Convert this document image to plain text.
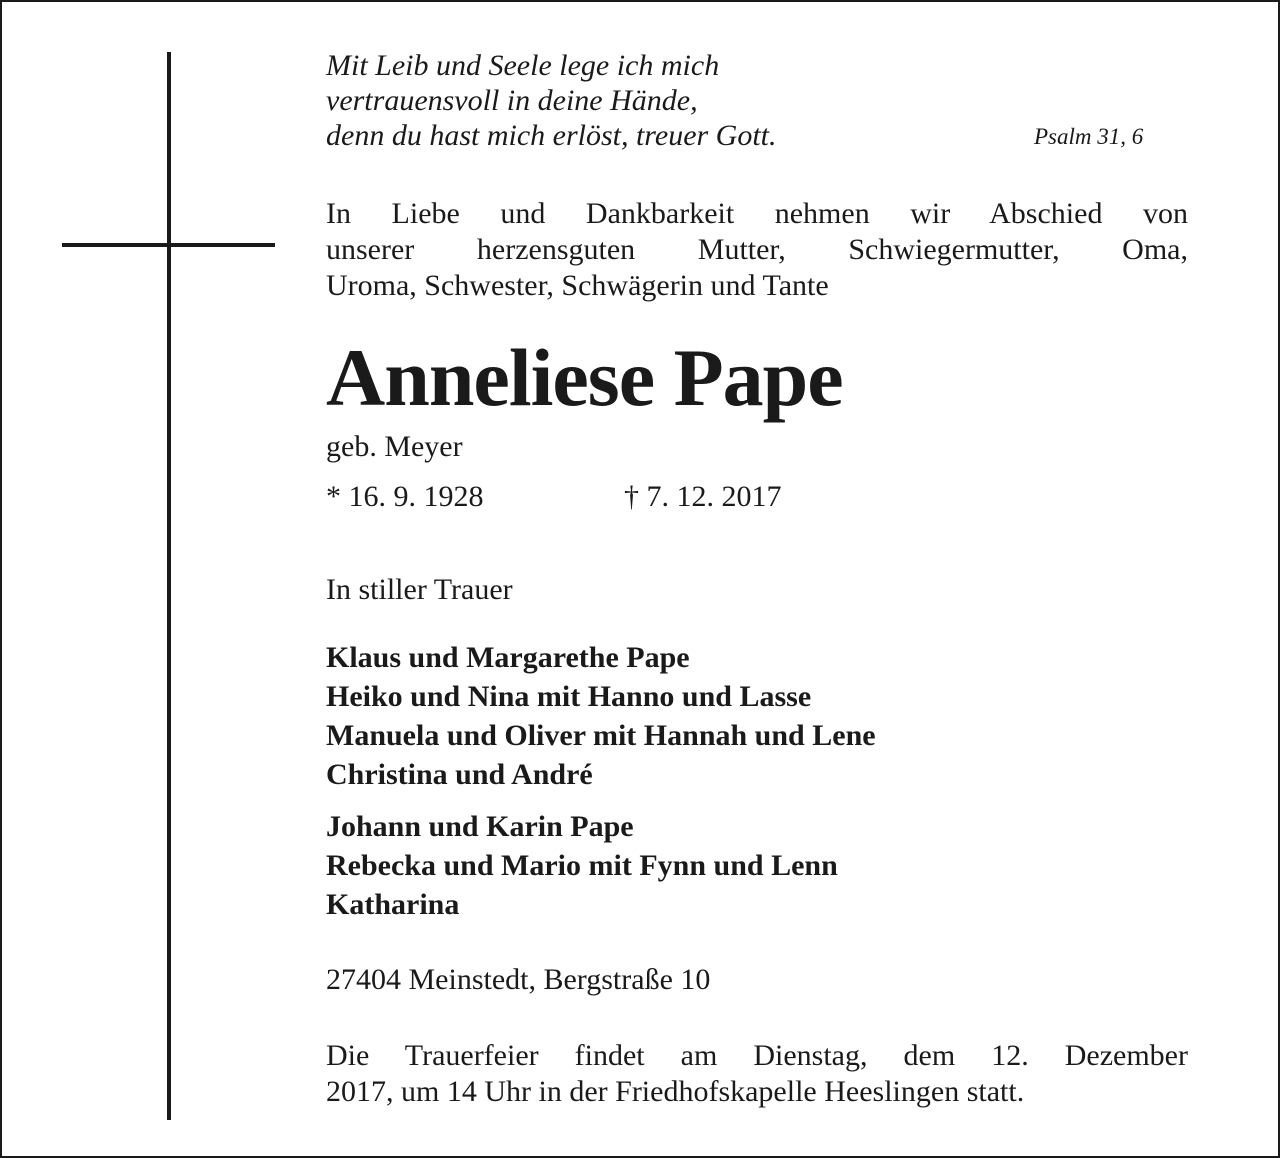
Mit Leib und Seele lege ich mich
vertrauensvoll in deine Hände,
denn du hast mich erlöst, treuer Gott.	Psalm 31, 6
In Liebe und Dankbarkeit nehmen wir Abschied von
unserer herzensguten Mutter, Schwiegermutter, Oma,
Uroma, Schwester, Schwägerin und Tante
Anneliese Pape
geb. Meyer
* 16. 9. 1928	† 7. 12. 2017
In stiller Trauer
Klaus und Margarethe Pape
Heiko und Nina mit Hanno und Lasse
Manuela und Oliver mit Hannah und Lene
Christina und André
Johann und Karin Pape
Rebecka und Mario mit Fynn und Lenn
Katharina
27404 Meinstedt, Bergstraße 10
Die Trauerfeier findet am Dienstag, dem 12. Dezember
2017, um 14 Uhr in der Friedhofskapelle Heeslingen statt.
